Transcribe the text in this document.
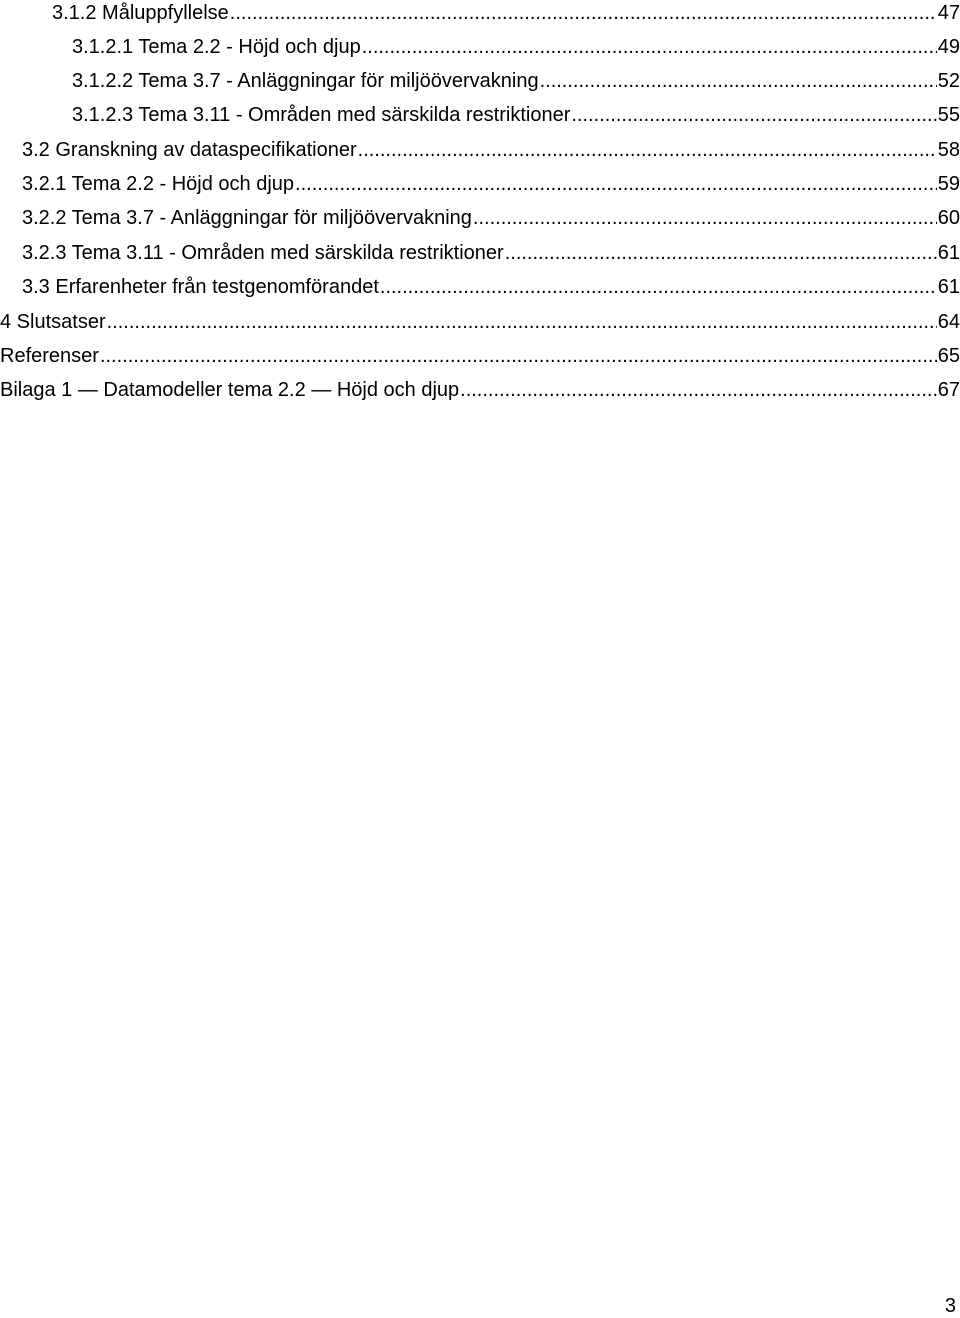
3.1.2 Måluppfyllelse .....	47
3.1.2.1 Tema 2.2 - Höjd och djup .....	49
3.1.2.2 Tema 3.7 - Anläggningar för miljöövervakning .....	52
3.1.2.3 Tema 3.11 - Områden med särskilda restriktioner .....	55
3.2 Granskning av dataspecifikationer .....	58
3.2.1 Tema 2.2 - Höjd och djup .....	59
3.2.2 Tema 3.7 - Anläggningar för miljöövervakning .....	60
3.2.3 Tema 3.11 - Områden med särskilda restriktioner .....	61
3.3 Erfarenheter från testgenomförandet .....	61
4 Slutsatser .....	64
Referenser .....	65
Bilaga 1 — Datamodeller tema 2.2 — Höjd och djup .....	67
3
